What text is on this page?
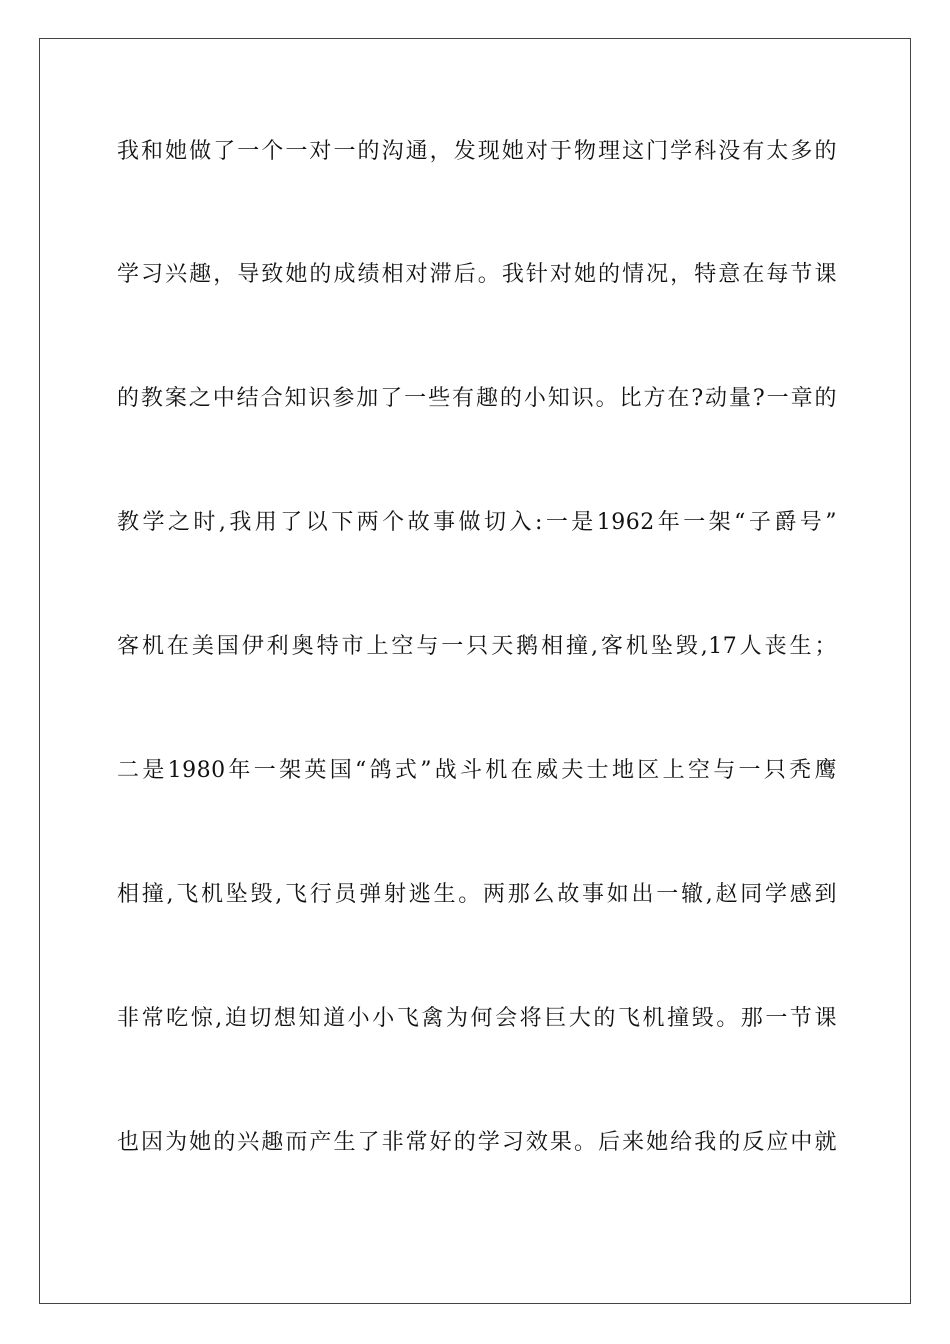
我和她做了一个一对一的沟通，发现她对于物理这门学科没有太多的
学习兴趣，导致她的成绩相对滞后。我针对她的情况，特意在每节课
的教案之中结合知识参加了一些有趣的小知识。比方在?动量?一章的
教学之时,我用了以下两个故事做切入:一是1962年一架“子爵号”
客机在美国伊利奥特市上空与一只天鹅相撞,客机坠毁,17人丧生；
二是1980年一架英国“鸽式”战斗机在威夫士地区上空与一只秃鹰
相撞,飞机坠毁,飞行员弹射逃生。两那么故事如出一辙,赵同学感到
非常吃惊,迫切想知道小小飞禽为何会将巨大的飞机撞毁。那一节课
也因为她的兴趣而产生了非常好的学习效果。后来她给我的反应中就
